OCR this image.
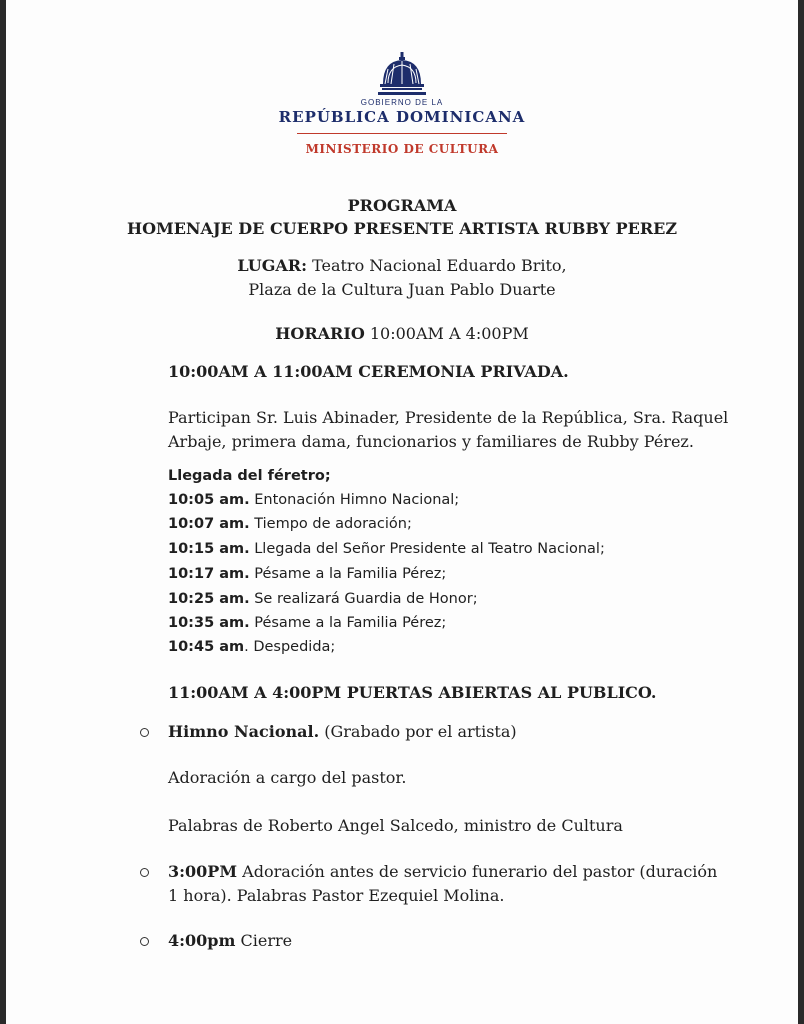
GOBIERNO DE LA
REPÚBLICA DOMINICANA
MINISTERIO DE CULTURA
PROGRAMA
HOMENAJE DE CUERPO PRESENTE ARTISTA RUBBY PEREZ
LUGAR: Teatro Nacional Eduardo Brito,
Plaza de la Cultura Juan Pablo Duarte
HORARIO 10:00AM A 4:00PM
10:00AM A 11:00AM CEREMONIA PRIVADA.
Participan Sr. Luis Abinader, Presidente de la República, Sra. Raquel
Arbaje, primera dama, funcionarios y familiares de Rubby Pérez.
Llegada del féretro;
10:05 am. Entonación Himno Nacional;
10:07 am. Tiempo de adoración;
10:15 am. Llegada del Señor Presidente al Teatro Nacional;
10:17 am. Pésame a la Familia Pérez;
10:25 am. Se realizará Guardia de Honor;
10:35 am. Pésame a la Familia Pérez;
10:45 am. Despedida;
11:00AM A 4:00PM PUERTAS ABIERTAS AL PUBLICO.
Himno Nacional. (Grabado por el artista)
Adoración a cargo del pastor.
Palabras de Roberto Angel Salcedo, ministro de Cultura
3:00PM Adoración antes de servicio funerario del pastor (duración
1 hora). Palabras Pastor Ezequiel Molina.
4:00pm Cierre
